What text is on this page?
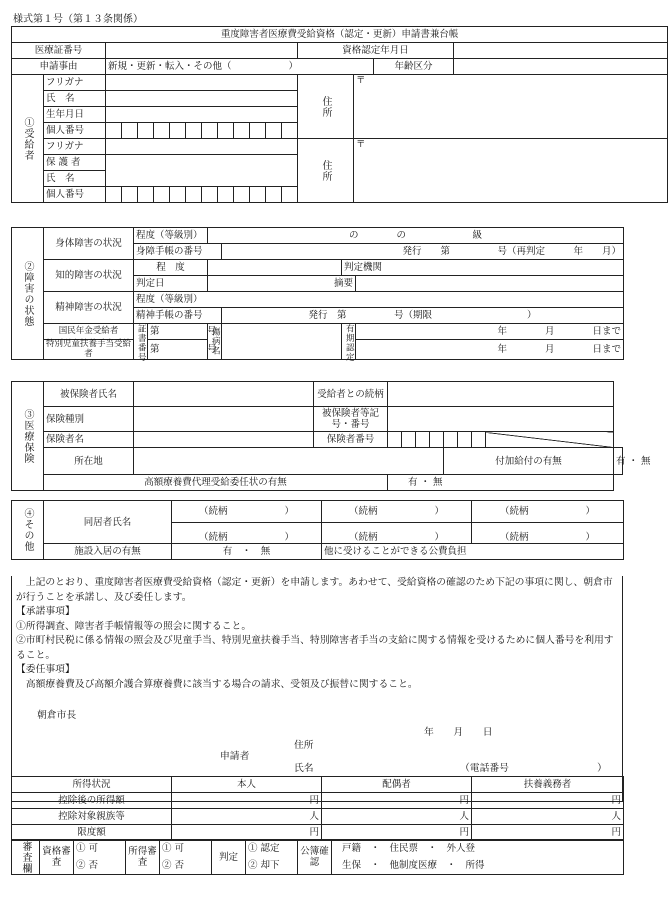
様式第１号（第１３条関係）
重度障害者医療費受給資格（認定・更新）申請書兼台帳																	
医療証番号														資格認定年月日			
申請事由		新規・更新・転入・その他（　　　　　　）														年齢区分	
①受給者	フリガナ													住所	〒		
	氏　名																
	生年月日																
	個人番号																
	フリガナ													住所	〒		
	保 護 者																
	氏　名																
	個人番号																
②障害の状態	身体障害の状況	程度（等級別）		の　　　　の　　　　　　　級			
		身障手帳の番号			発行　　第　　　　　号（再判定　　　年　　月）		
	知的障害の状況	程　度				判定機関	
		判定日		摘要			
	精神障害の状況	程度（等級別）					
		精神手帳の番号			発行　第　　　　　号（期限　　　　　　　　　　）		
	国民年金受給者	証書番号	第　　　　　号	傷病名		有期認定	年　　　　月　　　　日まで

	特別児童扶養手当受給者		第　　　　　号				年　　　　月　　　　日まで

③医療保険	被保険者氏名		受給者との続柄									
	保険種別		被保険者等記号・番号									
	保険者名		保険者番号									
	所在地							付加給付の有無				有 ・ 無
	高額療養費代理受給委任状の有無			有 ・ 無								
④その他	同居者氏名	（続柄　　　　　　）	（続柄　　　　　　）	（続柄　　　　　　）
		（続柄　　　　　　）	（続柄　　　　　　）	（続柄　　　　　　）
	施設入居の有無	有　・　無	他に受けることができる公費負担	

上記のとおり、重度障害者医療費受給資格（認定・更新）を申請します。あわせて、受給資格の確認のため下記の事項に関し、朝倉市が行うことを承諾し、及び委任します。

【承諾事項】

①所得調査、障害者手帳情報等の照会に関すること。

②市町村民税に係る情報の照会及び児童手当、特別児童扶養手当、特別障害者手当の支給に関する情報を受けるために個人番号を利用すること。

【委任事項】

高額療養費及び高額介護合算療養費に該当する場合の請求、受領及び振替に関すること。

朝倉市長
年　　月　　日
申請者
住所
氏名	（電話番号　　　　　　　　　）
所得状況	本人	配偶者	扶養義務者
控除後の所得額	円	円	円
控除対象親族等	人	人	人
限度額	円	円	円
審査欄	資格審査	① 可	所得審査	① 可	判定	① 認定	公簿確認	戸籍　・　住民票　・　外人登
		② 否		② 否		② 却下		生保　・　他制度医療　・　所得
